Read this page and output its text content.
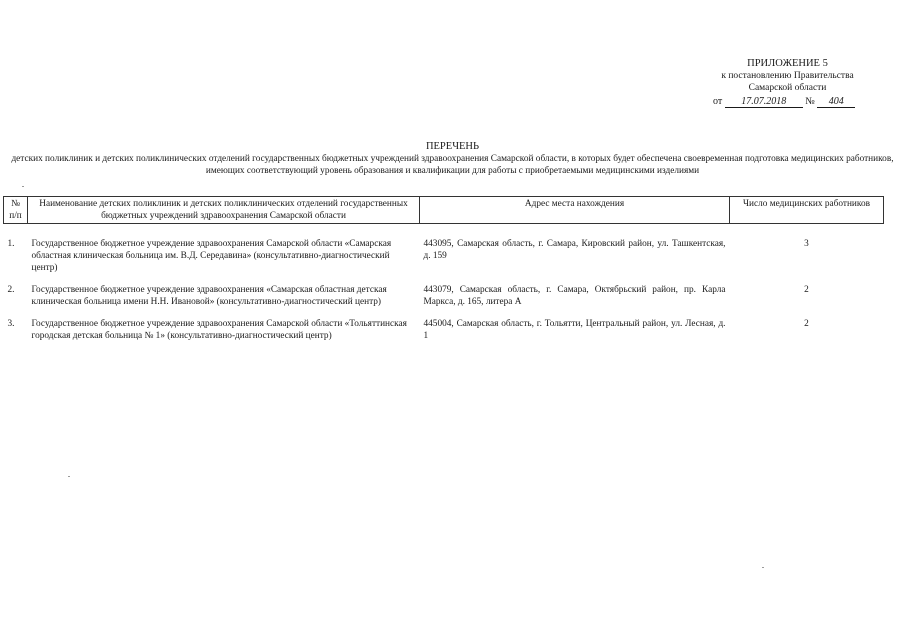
ПРИЛОЖЕНИЕ 5
к постановлению Правительства
Самарской области
от 17.07.2018 № 404
ПЕРЕЧЕНЬ
детских поликлиник и детских поликлинических отделений государственных бюджетных учреждений здравоохранения Самарской области, в которых будет обеспечена своевременная подготовка медицинских работников, имеющих соответствующий уровень образования и квалификации для работы с приобретаемыми медицинскими изделиями
№ п/п	Наименование детских поликлиник и детских поликлинических отделений государственных бюджетных учреждений здравоохранения Самарской области	Адрес места нахождения	Число медицинских работников
1.	Государственное бюджетное учреждение здравоохранения Самарской области «Самарская областная клиническая больница им. В.Д. Середавина» (консультативно-диагностический центр)	443095, Самарская область, г. Самара, Кировский район, ул. Ташкентская, д. 159	3
2.	Государственное бюджетное учреждение здравоохранения «Самарская областная детская клиническая больница имени Н.Н. Ивановой» (консультативно-диагностический центр)	443079, Самарская область, г. Самара, Октябрьский район, пр. Карла Маркса, д. 165, литера А	2
3.	Государственное бюджетное учреждение здравоохранения Самарской области «Тольяттинская городская детская больница № 1» (консультативно-диагностический центр)	445004, Самарская область, г. Тольятти, Центральный район, ул. Лесная, д. 1	2
